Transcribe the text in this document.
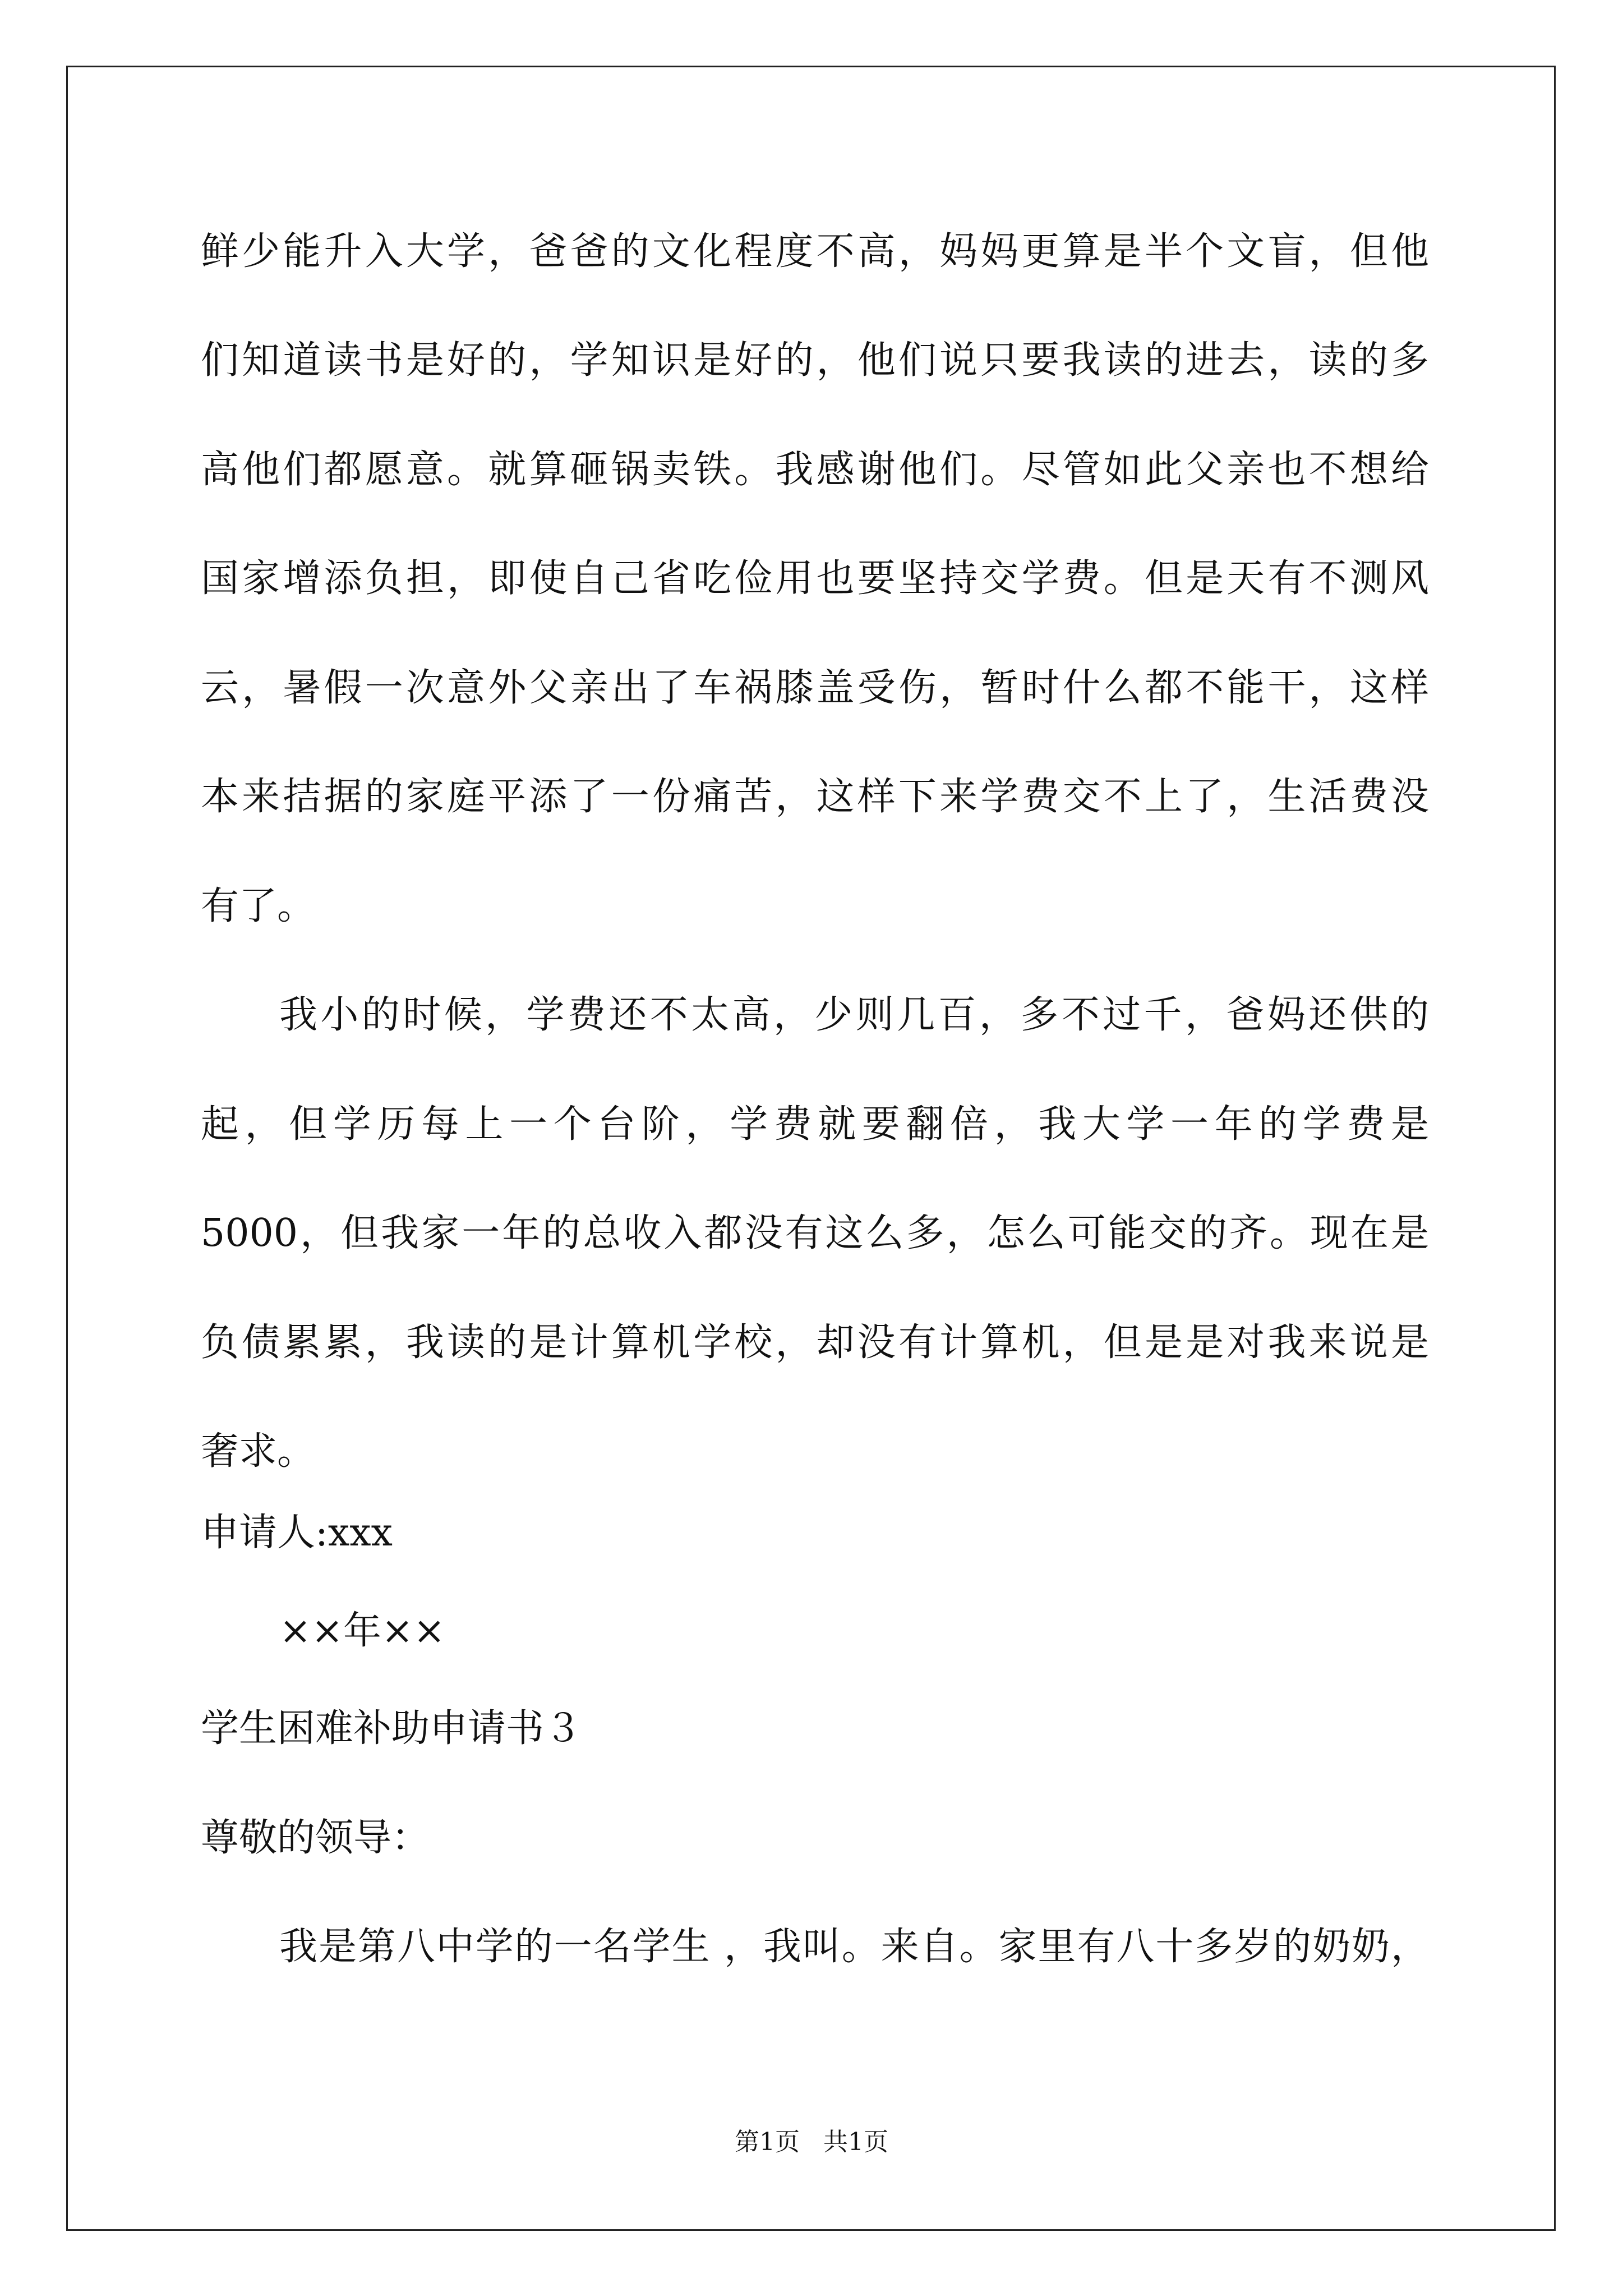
鲜少能升入大学，爸爸的文化程度不高，妈妈更算是半个文盲，但他
们知道读书是好的，学知识是好的，他们说只要我读的进去，读的多
高他们都愿意。就算砸锅卖铁。我感谢他们。尽管如此父亲也不想给
国家增添负担，即使自己省吃俭用也要坚持交学费。但是天有不测风
云，暑假一次意外父亲出了车祸膝盖受伤，暂时什么都不能干，这样
本来拮据的家庭平添了一份痛苦，这样下来学费交不上了，生活费没
有了。
我小的时候，学费还不太高，少则几百，多不过千，爸妈还供的
起，但学历每上一个台阶，学费就要翻倍，我大学一年的学费是
5000，但我家一年的总收入都没有这么多，怎么可能交的齐。现在是
负债累累，我读的是计算机学校，却没有计算机，但是是对我来说是
奢求。
申请人:xxx
××年××
学生困难补助申请书３
尊敬的领导：
我是第八中学的一名学生 ，我叫。来自。家里有八十多岁的奶奶，
第1页 共1页
